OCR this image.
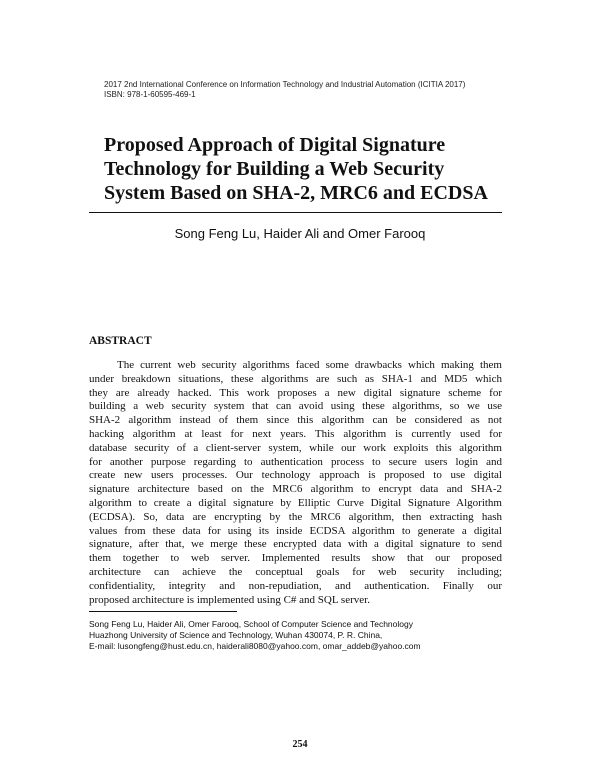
2017 2nd International Conference on Information Technology and Industrial Automation (ICITIA 2017)
ISBN: 978-1-60595-469-1
Proposed Approach of Digital Signature
Technology for Building a Web Security
System Based on SHA-2, MRC6 and ECDSA
Song Feng Lu, Haider Ali and Omer Farooq
ABSTRACT
The current web security algorithms faced some drawbacks which making them
under breakdown situations, these algorithms are such as SHA-1 and MD5 which
they are already hacked. This work proposes a new digital signature scheme for
building a web security system that can avoid using these algorithms, so we use
SHA-2 algorithm instead of them since this algorithm can be considered as not
hacking algorithm at least for next years. This algorithm is currently used for
database security of a client-server system, while our work exploits this algorithm
for another purpose regarding to authentication process to secure users login and
create new users processes. Our technology approach is proposed to use digital
signature architecture based on the MRC6 algorithm to encrypt data and SHA-2
algorithm to create a digital signature by Elliptic Curve Digital Signature Algorithm
(ECDSA). So, data are encrypting by the MRC6 algorithm, then extracting hash
values from these data for using its inside ECDSA algorithm to generate a digital
signature, after that, we merge these encrypted data with a digital signature to send
them together to web server. Implemented results show that our proposed
architecture can achieve the conceptual goals for web security including;
confidentiality, integrity and non-repudiation, and authentication. Finally our
proposed architecture is implemented using C# and SQL server.
Song Feng Lu, Haider Ali, Omer Farooq, School of Computer Science and Technology
Huazhong University of Science and Technology, Wuhan 430074, P. R. China,
E-mail: lusongfeng@hust.edu.cn, haiderali8080@yahoo.com, omar_addeb@yahoo.com
254
